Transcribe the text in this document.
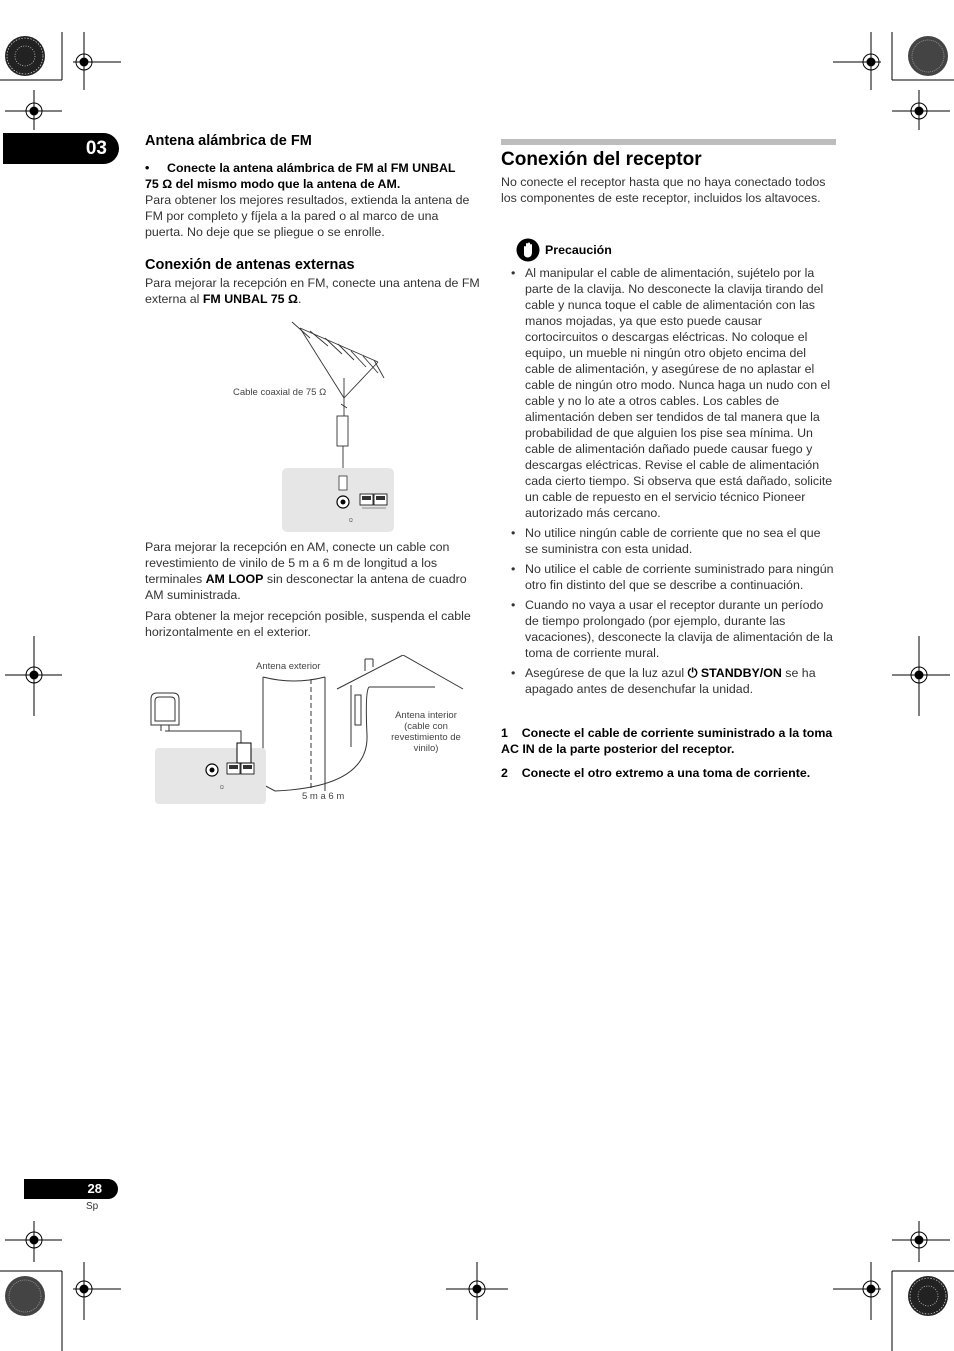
03	Antena alámbrica de FM
• Conecte la antena alámbrica de FM al FM UNBAL
75 Ω del mismo modo que la antena de AM.

Para obtener los mejores resultados, extienda la antena de FM por completo y fíjela a la pared o al marco de una puerta. No deje que se pliegue o se enrolle.

Conexión de antenas externas
Para mejorar la recepción en FM, conecte una antena de FM externa al FM UNBAL 75 Ω.
Ω
Cable coaxial de 75 Ω

Para mejorar la recepción en AM, conecte un cable con revestimiento de vinilo de 5 m a 6 m de longitud a los terminales AM LOOP sin desconectar la antena de cuadro AM suministrada.

Para obtener la mejor recepción posible, suspenda el cable horizontalmente en el exterior.

Ω
Antena exterior
Antena interior
(cable con
revestimiento de
vinilo)
5 m a 6 m
Conexión del receptor
No conecte el receptor hasta que no haya conectado todos los componentes de este receptor, incluidos los altavoces.
Precaución
• Al manipular el cable de alimentación, sujételo por la parte de la clavija. No desconecte la clavija tirando del cable y nunca toque el cable de alimentación con las manos mojadas, ya que esto puede causar cortocircuitos o descargas eléctricas. No coloque el equipo, un mueble ni ningún otro objeto encima del cable de alimentación, y asegúrese de no aplastar el cable de ningún otro modo. Nunca haga un nudo con el cable y no lo ate a otros cables. Los cables de alimentación deben ser tendidos de tal manera que la probabilidad de que alguien los pise sea mínima. Un cable de alimentación dañado puede causar fuego y descargas eléctricas. Revise el cable de alimentación cada cierto tiempo. Si observa que está dañado, solicite un cable de repuesto en el servicio técnico Pioneer autorizado más cercano.
• No utilice ningún cable de corriente que no sea el que se suministra con esta unidad.
• No utilice el cable de corriente suministrado para ningún otro fin distinto del que se describe a continuación.
• Cuando no vaya a usar el receptor durante un período de tiempo prolongado (por ejemplo, durante las vacaciones), desconecte la clavija de alimentación de la toma de corriente mural.
• Asegúrese de que la luz azul ⏻ STANDBY/ON se ha apagado antes de desenchufar la unidad.
1 Conecte el cable de corriente suministrado a la toma AC IN de la parte posterior del receptor.
2 Conecte el otro extremo a una toma de corriente.
28
Sp
